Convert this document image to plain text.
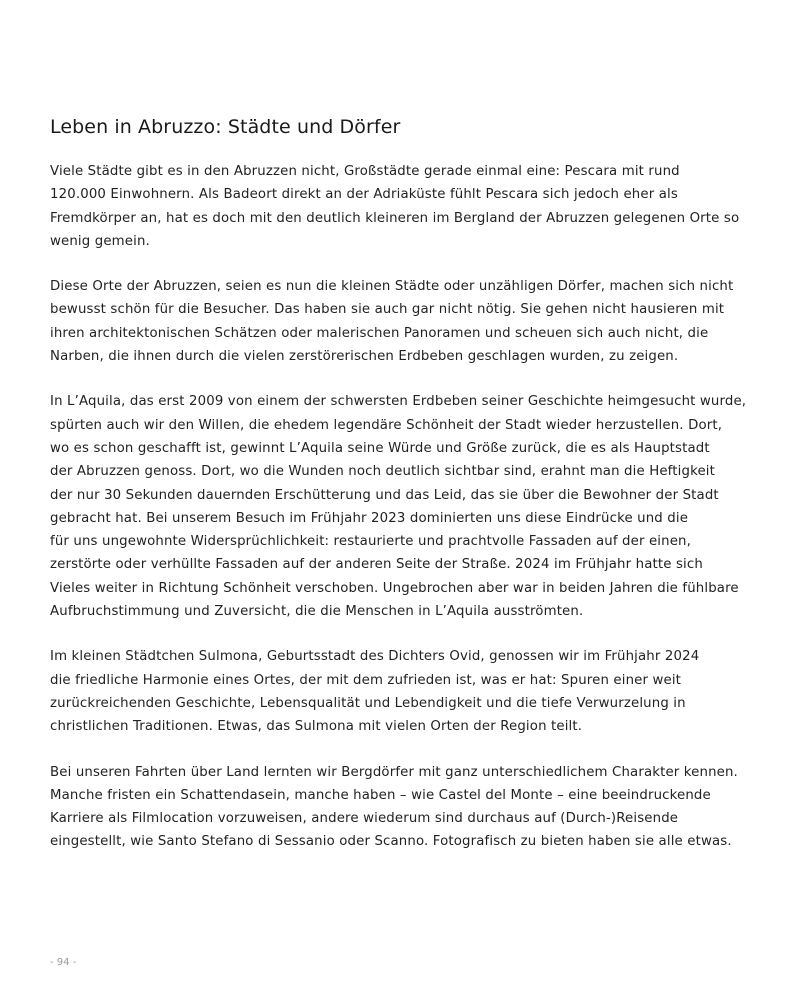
Leben in Abruzzo: Städte und Dörfer

Viele Städte gibt es in den Abruzzen nicht, Großstädte gerade einmal eine: Pescara mit rund
120.000 Einwohnern. Als Badeort direkt an der Adriaküste fühlt Pescara sich jedoch eher als
Fremdkörper an, hat es doch mit den deutlich kleineren im Bergland der Abruzzen gelegenen Orte so
wenig gemein.

Diese Orte der Abruzzen, seien es nun die kleinen Städte oder unzähligen Dörfer, machen sich nicht
bewusst schön für die Besucher. Das haben sie auch gar nicht nötig. Sie gehen nicht hausieren mit
ihren architektonischen Schätzen oder malerischen Panoramen und scheuen sich auch nicht, die
Narben, die ihnen durch die vielen zerstörerischen Erdbeben geschlagen wurden, zu zeigen.

In L’Aquila, das erst 2009 von einem der schwersten Erdbeben seiner Geschichte heimgesucht wurde,
spürten auch wir den Willen, die ehedem legendäre Schönheit der Stadt wieder herzustellen. Dort,
wo es schon geschafft ist, gewinnt L’Aquila seine Würde und Größe zurück, die es als Hauptstadt
der Abruzzen genoss. Dort, wo die Wunden noch deutlich sichtbar sind, erahnt man die Heftigkeit
der nur 30 Sekunden dauernden Erschütterung und das Leid, das sie über die Bewohner der Stadt
gebracht hat. Bei unserem Besuch im Frühjahr 2023 dominierten uns diese Eindrücke und die
für uns ungewohnte Widersprüchlichkeit: restaurierte und prachtvolle Fassaden auf der einen,
zerstörte oder verhüllte Fassaden auf der anderen Seite der Straße. 2024 im Frühjahr hatte sich
Vieles weiter in Richtung Schönheit verschoben. Ungebrochen aber war in beiden Jahren die fühlbare
Aufbruchstimmung und Zuversicht, die die Menschen in L’Aquila ausströmten.

Im kleinen Städtchen Sulmona, Geburtsstadt des Dichters Ovid, genossen wir im Frühjahr 2024
die friedliche Harmonie eines Ortes, der mit dem zufrieden ist, was er hat: Spuren einer weit
zurückreichenden Geschichte, Lebensqualität und Lebendigkeit und die tiefe Verwurzelung in
christlichen Traditionen. Etwas, das Sulmona mit vielen Orten der Region teilt.

Bei unseren Fahrten über Land lernten wir Bergdörfer mit ganz unterschiedlichem Charakter kennen.
Manche fristen ein Schattendasein, manche haben – wie Castel del Monte – eine beeindruckende
Karriere als Filmlocation vorzuweisen, andere wiederum sind durchaus auf (Durch-)Reisende
eingestellt, wie Santo Stefano di Sessanio oder Scanno. Fotografisch zu bieten haben sie alle etwas.

- 94 -
